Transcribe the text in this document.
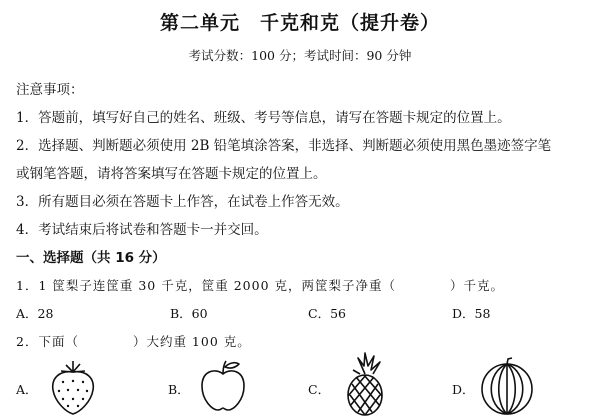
第二单元　千克和克（提升卷）
考试分数：100 分；考试时间：90 分钟
注意事项：
1．答题前，填写好自己的姓名、班级、考号等信息，请写在答题卡规定的位置上。
2．选择题、判断题必须使用 2B 铅笔填涂答案，非选择、判断题必须使用黑色墨迹签字笔
或钢笔答题，请将答案填写在答题卡规定的位置上。
3．所有题目必须在答题卡上作答，在试卷上作答无效。
4．考试结束后将试卷和答题卡一并交回。
一、选择题（共 16 分）
1．1 筐梨子连筐重 30 千克，筐重 2000 克，两筐梨子净重（	）千克。
A．28	B．60	C．56	D．58
2．下面（	）大约重 100 克。
A．	B．	C．	D．
